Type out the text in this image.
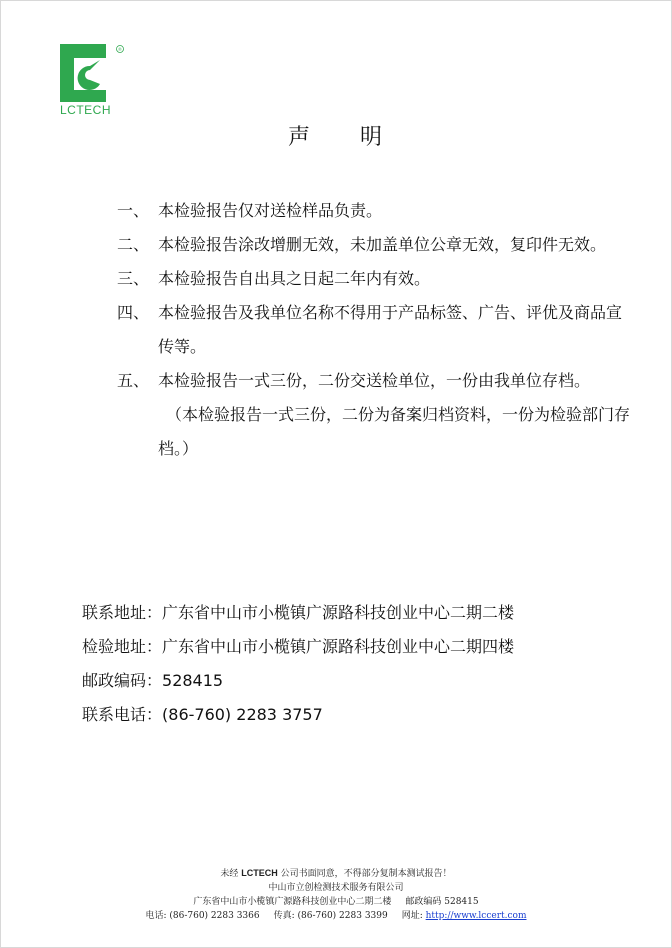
®
LCTECH
声 明
一、 本检验报告仅对送检样品负责。
二、 本检验报告涂改增删无效，未加盖单位公章无效，复印件无效。
三、 本检验报告自出具之日起二年内有效。
四、 本检验报告及我单位名称不得用于产品标签、广告、评优及商品宣传等。
五、 本检验报告一式三份，二份交送检单位，一份由我单位存档。
（本检验报告一式三份，二份为备案归档资料，一份为检验部门存档。）
联系地址：广东省中山市小榄镇广源路科技创业中心二期二楼
检验地址：广东省中山市小榄镇广源路科技创业中心二期四楼
邮政编码：528415
联系电话：(86-760) 2283 3757
未经 LCTECH 公司书面同意，不得部分复制本测试报告！
中山市立创检测技术服务有限公司
广东省中山市小榄镇广源路科技创业中心二期二楼 邮政编码 528415
电话: (86-760) 2283 3366 传真: (86-760) 2283 3399 网址: http://www.lccert.com
